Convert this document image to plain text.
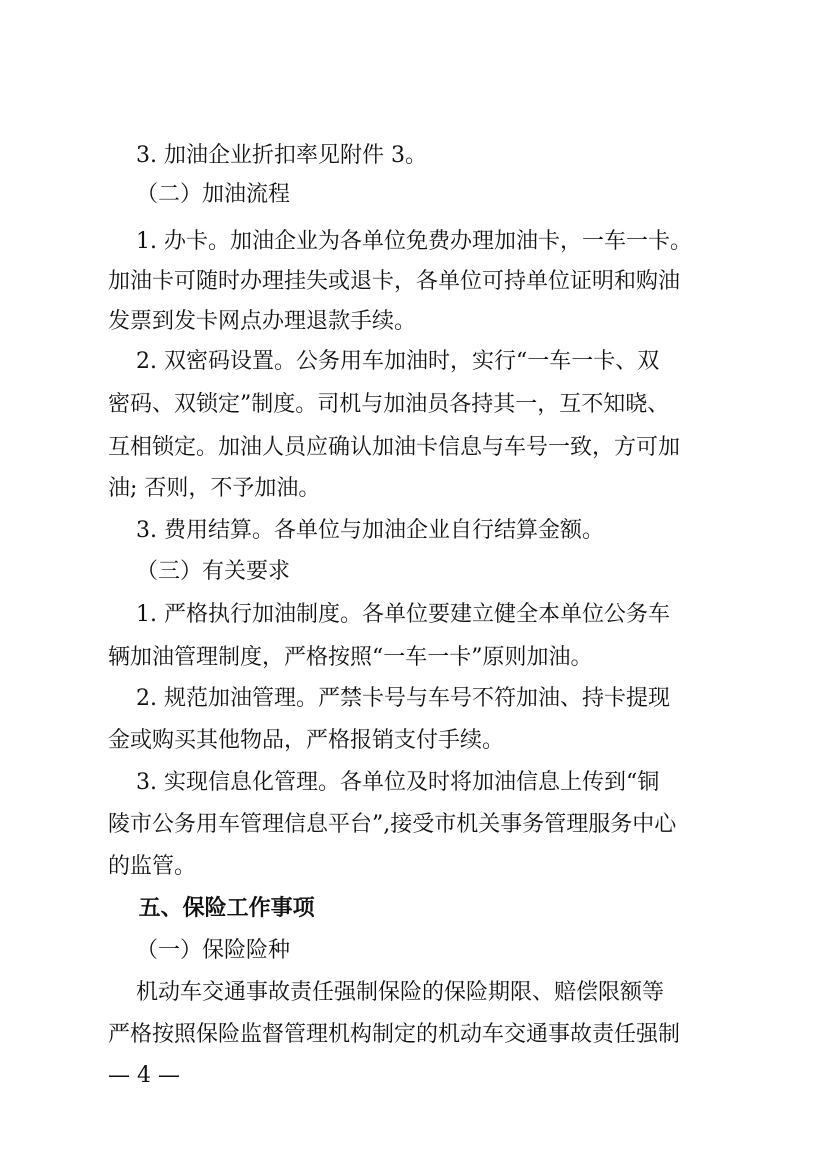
3. 加油企业折扣率见附件 3。
（二）加油流程
1. 办卡。加油企业为各单位免费办理加油卡，一车一卡。
加油卡可随时办理挂失或退卡，各单位可持单位证明和购油
发票到发卡网点办理退款手续。
2. 双密码设置。公务用车加油时，实行“一车一卡、双
密码、双锁定”制度。司机与加油员各持其一，互不知晓、
互相锁定。加油人员应确认加油卡信息与车号一致，方可加
油; 否则，不予加油。
3. 费用结算。各单位与加油企业自行结算金额。
（三）有关要求
1. 严格执行加油制度。各单位要建立健全本单位公务车
辆加油管理制度，严格按照“一车一卡”原则加油。
2. 规范加油管理。严禁卡号与车号不符加油、持卡提现
金或购买其他物品，严格报销支付手续。
3. 实现信息化管理。各单位及时将加油信息上传到“铜
陵市公务用车管理信息平台”,接受市机关事务管理服务中心
的监管。
五、保险工作事项
（一）保险险种
机动车交通事故责任强制保险的保险期限、赔偿限额等
严格按照保险监督管理机构制定的机动车交通事故责任强制
— 4 —
